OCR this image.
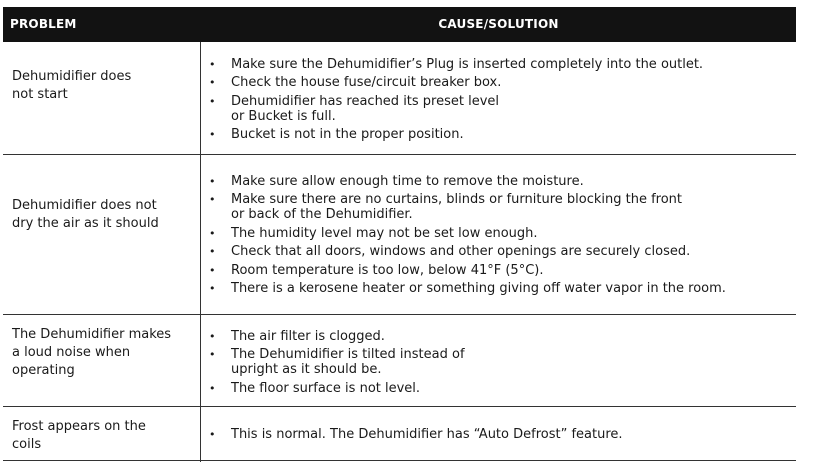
PROBLEM	CAUSE/SOLUTION
Dehumidifier does
not start
• Make sure the Dehumidifier’s Plug is inserted completely into the outlet.
• Check the house fuse/circuit breaker box.
• Dehumidifier has reached its preset level
or Bucket is full.
• Bucket is not in the proper position.
Dehumidifier does not
dry the air as it should
• Make sure allow enough time to remove the moisture.
• Make sure there are no curtains, blinds or furniture blocking the front
or back of the Dehumidifier.
• The humidity level may not be set low enough.
• Check that all doors, windows and other openings are securely closed.
• Room temperature is too low, below 41°F (5°C).
• There is a kerosene heater or something giving off water vapor in the room.
The Dehumidifier makes
a loud noise when
operating
• The air filter is clogged.
• The Dehumidifier is tilted instead of
upright as it should be.
• The floor surface is not level.
Frost appears on the
coils
• This is normal. The Dehumidifier has “Auto Defrost” feature.
